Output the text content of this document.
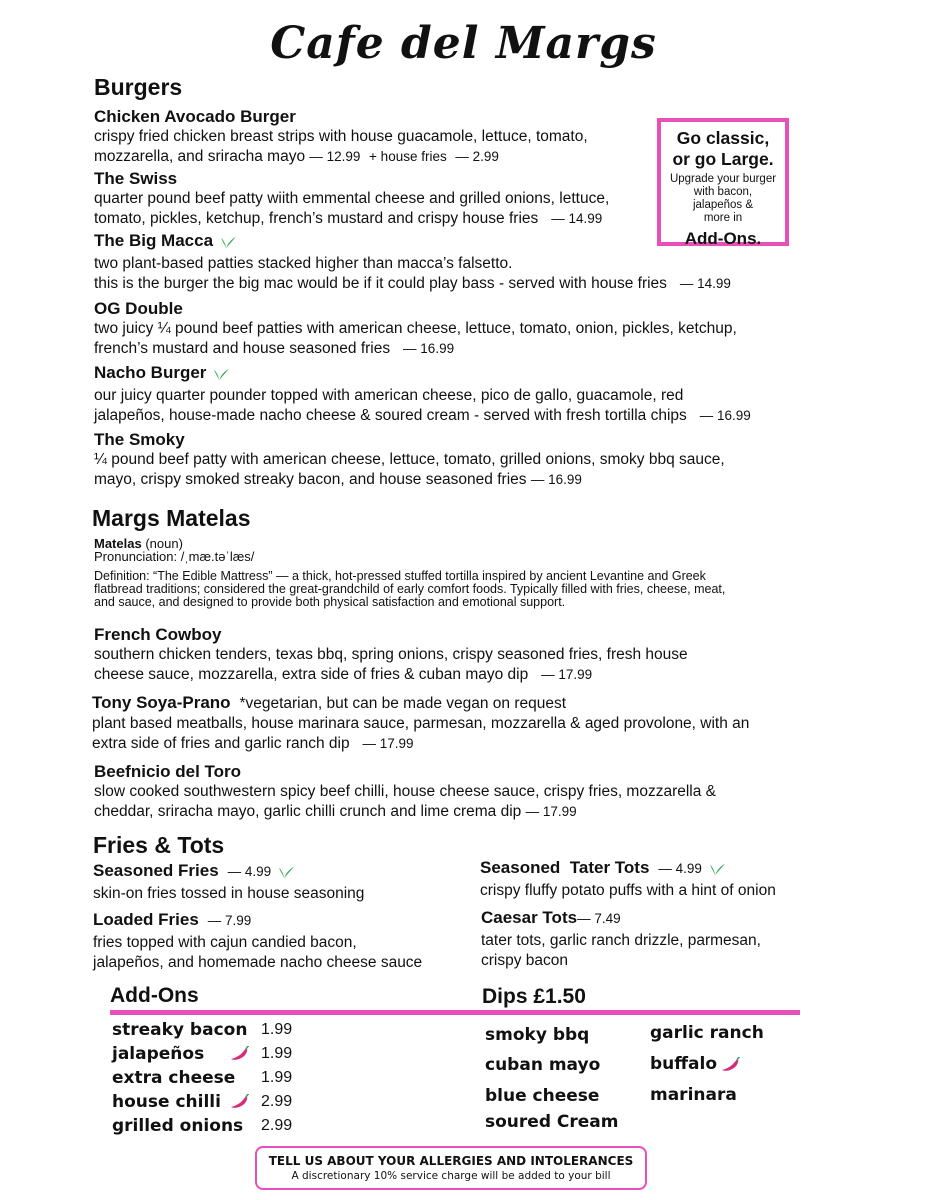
Cafe del Margs
Burgers
Chicken Avocado Burger
crispy fried chicken breast strips with house guacamole, lettuce, tomato,
mozzarella, and sriracha mayo — 12.99 + house fries — 2.99
The Swiss
quarter pound beef patty wiith emmental cheese and grilled onions, lettuce,
tomato, pickles, ketchup, french’s mustard and crispy house fries — 14.99
The Big Macca
two plant-based patties stacked higher than macca’s falsetto.
this is the burger the big mac would be if it could play bass - served with house fries — 14.99
OG Double
two juicy ¼ pound beef patties with american cheese, lettuce, tomato, onion, pickles, ketchup,
french’s mustard and house seasoned fries — 16.99
Nacho Burger
our juicy quarter pounder topped with american cheese, pico de gallo, guacamole, red
jalapeños, house-made nacho cheese & soured cream - served with fresh tortilla chips — 16.99
The Smoky
¼ pound beef patty with american cheese, lettuce, tomato, grilled onions, smoky bbq sauce,
mayo, crispy smoked streaky bacon, and house seasoned fries — 16.99
Go classic,
or go Large.
Upgrade your burger
with bacon,
jalapeños &
more in
Add-Ons.
Margs Matelas
Matelas (noun)
Pronunciation: /ˌmæ.təˈlæs/
Definition: “The Edible Mattress” — a thick, hot-pressed stuffed tortilla inspired by ancient Levantine and Greek
flatbread traditions; considered the great-grandchild of early comfort foods. Typically filled with fries, cheese, meat,
and sauce, and designed to provide both physical satisfaction and emotional support.
French Cowboy
southern chicken tenders, texas bbq, spring onions, crispy seasoned fries, fresh house
cheese sauce, mozzarella, extra side of fries & cuban mayo dip — 17.99
Tony Soya-Prano *vegetarian, but can be made vegan on request
plant based meatballs, house marinara sauce, parmesan, mozzarella & aged provolone, with an
extra side of fries and garlic ranch dip — 17.99
Beefnicio del Toro
slow cooked southwestern spicy beef chilli, house cheese sauce, crispy fries, mozzarella &
cheddar, sriracha mayo, garlic chilli crunch and lime crema dip — 17.99
Fries & Tots
Seasoned Fries — 4.99
skin-on fries tossed in house seasoning
Loaded Fries — 7.99
fries topped with cajun candied bacon,
jalapeños, and homemade nacho cheese sauce
Seasoned  Tater Tots — 4.99
crispy fluffy potato puffs with a hint of onion
Caesar Tots— 7.49
tater tots, garlic ranch drizzle, parmesan,
crispy bacon
Add-Ons	Dips £1.50
streaky bacon 1.99
jalapeños	1.99
extra cheese 1.99
house chilli	2.99
grilled onions 2.99
smoky bbq
cuban mayo
blue cheese
soured Cream
garlic ranch
buffalo
marinara
TELL US ABOUT YOUR ALLERGIES AND INTOLERANCES
A discretionary 10% service charge will be added to your bill
